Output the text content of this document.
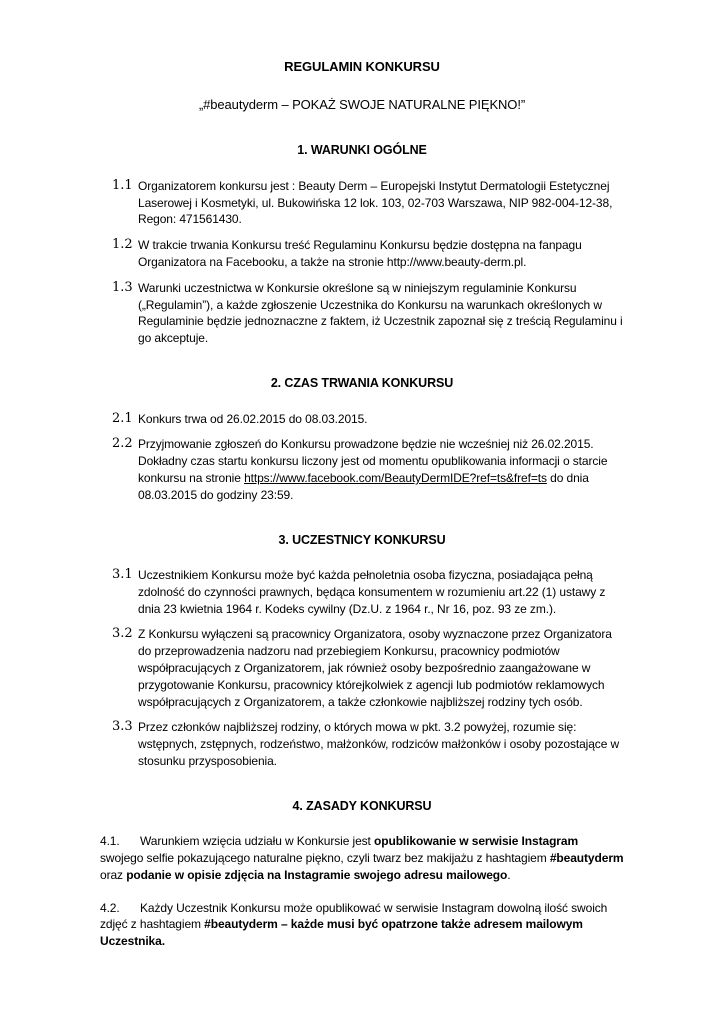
REGULAMIN KONKURSU

„#beautyderm – POKAŻ SWOJE NATURALNE PIĘKNO!”

1. WARUNKI OGÓLNE
1.1 Organizatorem konkursu jest : Beauty Derm – Europejski Instytut Dermatologii Estetycznej Laserowej i Kosmetyki, ul. Bukowińska 12 lok. 103, 02-703 Warszawa, NIP 982-004-12-38, Regon: 471561430.
1.2 W trakcie trwania Konkursu treść Regulaminu Konkursu będzie dostępna na fanpagu Organizatora na Facebooku, a także na stronie http://www.beauty-derm.pl.
1.3 Warunki uczestnictwa w Konkursie określone są w niniejszym regulaminie Konkursu („Regulamin”), a każde zgłoszenie Uczestnika do Konkursu na warunkach określonych w Regulaminie będzie jednoznaczne z faktem, iż Uczestnik zapoznał się z treścią Regulaminu i go akceptuje.
2. CZAS TRWANIA KONKURSU
2.1 Konkurs trwa od 26.02.2015 do 08.03.2015.
2.2 Przyjmowanie zgłoszeń do Konkursu prowadzone będzie nie wcześniej niż 26.02.2015. Dokładny czas startu konkursu liczony jest od momentu opublikowania informacji o starcie konkursu na stronie https://www.facebook.com/BeautyDermIDE?ref=ts&fref=ts do dnia 08.03.2015 do godziny 23:59.
3. UCZESTNICY KONKURSU
3.1 Uczestnikiem Konkursu może być każda pełnoletnia osoba fizyczna, posiadająca pełną zdolność do czynności prawnych, będąca konsumentem w rozumieniu art.22 (1) ustawy z dnia 23 kwietnia 1964 r. Kodeks cywilny (Dz.U. z 1964 r., Nr 16, poz. 93 ze zm.).
3.2 Z Konkursu wyłączeni są pracownicy Organizatora, osoby wyznaczone przez Organizatora do przeprowadzenia nadzoru nad przebiegiem Konkursu, pracownicy podmiotów współpracujących z Organizatorem, jak również osoby bezpośrednio zaangażowane w przygotowanie Konkursu, pracownicy którejkolwiek z agencji lub podmiotów reklamowych współpracujących z Organizatorem, a także członkowie najbliższej rodziny tych osób.
3.3 Przez członków najbliższej rodziny, o których mowa w pkt. 3.2 powyżej, rozumie się: wstępnych, zstępnych, rodzeństwo, małżonków, rodziców małżonków i osoby pozostające w stosunku przysposobienia.
4. ZASADY KONKURSU
4.1. Warunkiem wzięcia udziału w Konkursie jest opublikowanie w serwisie Instagram swojego selfie pokazującego naturalne piękno, czyli twarz bez makijażu z hashtagiem #beautyderm oraz podanie w opisie zdjęcia na Instagramie swojego adresu mailowego.
4.2. Każdy Uczestnik Konkursu może opublikować w serwisie Instagram dowolną ilość swoich zdjęć z hashtagiem #beautyderm – każde musi być opatrzone także adresem mailowym Uczestnika.
